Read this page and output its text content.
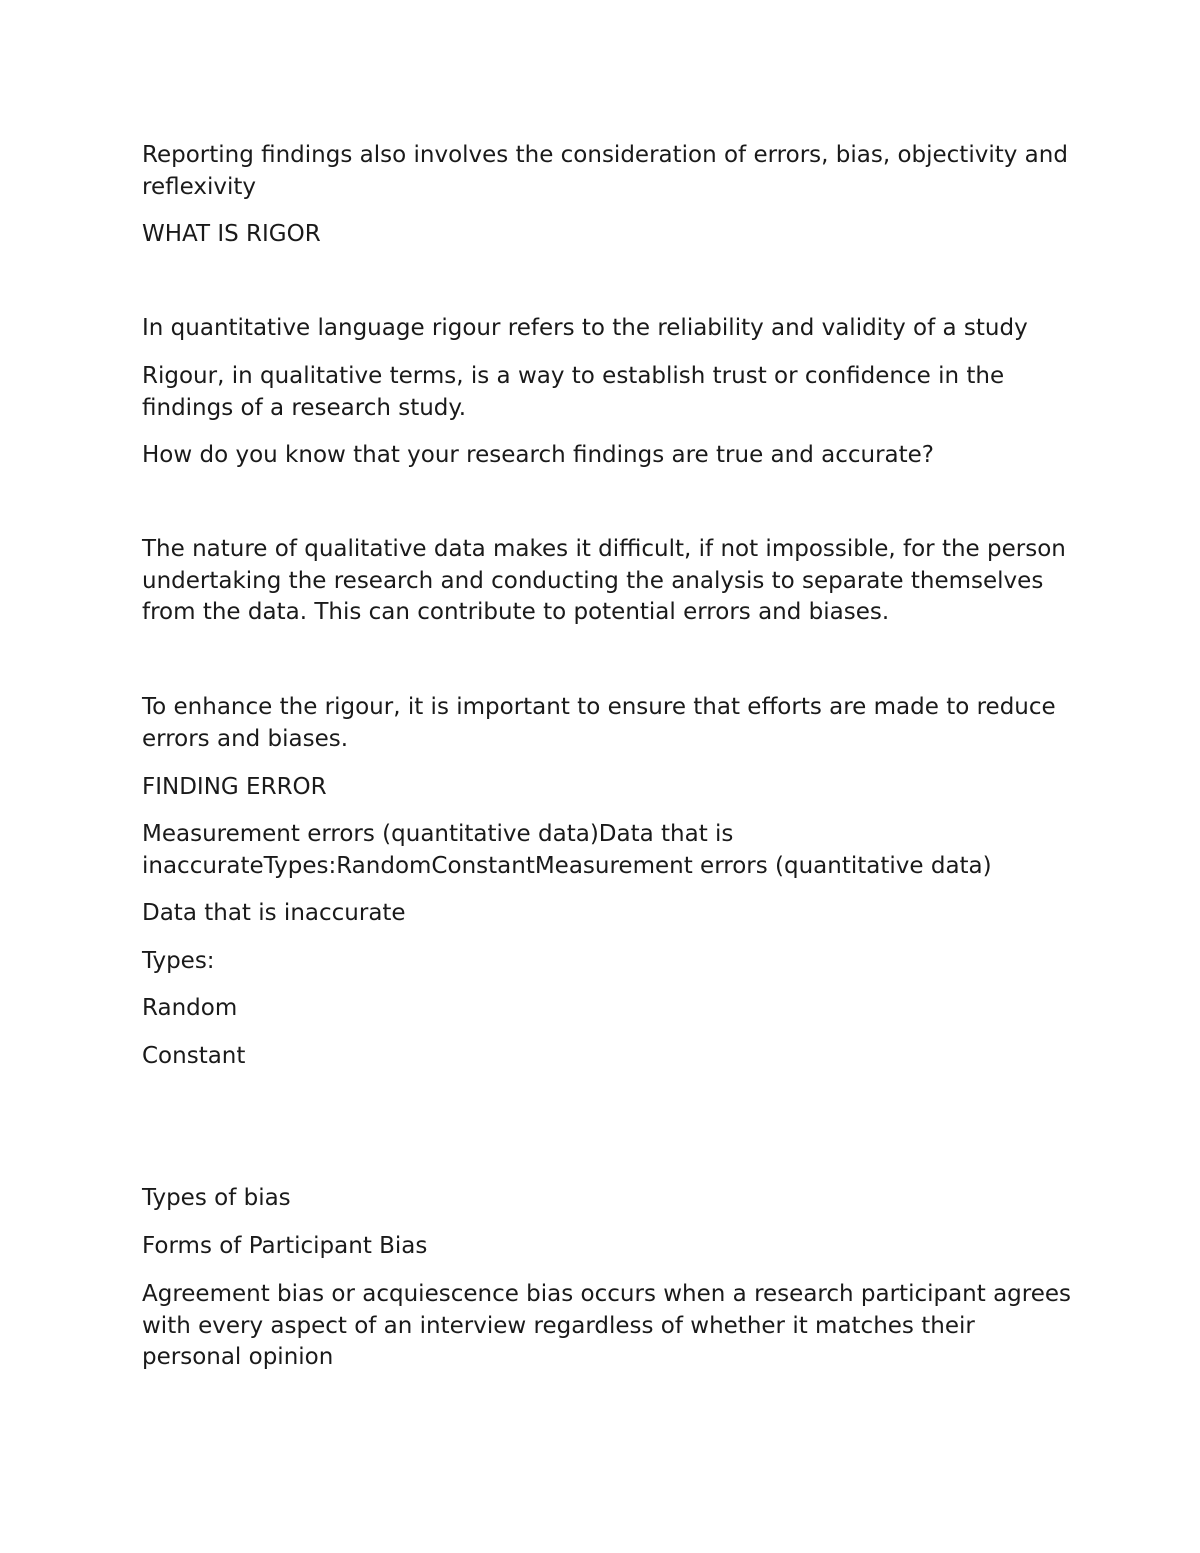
Reporting findings also involves the consideration of errors, bias, objectivity and reflexivity

WHAT IS RIGOR

In quantitative language rigour refers to the reliability and validity of a study

Rigour, in qualitative terms, is a way to establish trust or confidence in the findings of a research study.

How do you know that your research findings are true and accurate?

The nature of qualitative data makes it difficult, if not impossible, for the person undertaking the research and conducting the analysis to separate themselves from the data. This can contribute to potential errors and biases.

To enhance the rigour, it is important to ensure that efforts are made to reduce errors and biases.

FINDING ERROR

Measurement errors (quantitative data)Data that is inaccurateTypes:RandomConstantMeasurement errors (quantitative data)

Data that is inaccurate

Types:

Random

Constant

Types of bias

Forms of Participant Bias

Agreement bias or acquiescence bias occurs when a research participant agrees with every aspect of an interview regardless of whether it matches their personal opinion
